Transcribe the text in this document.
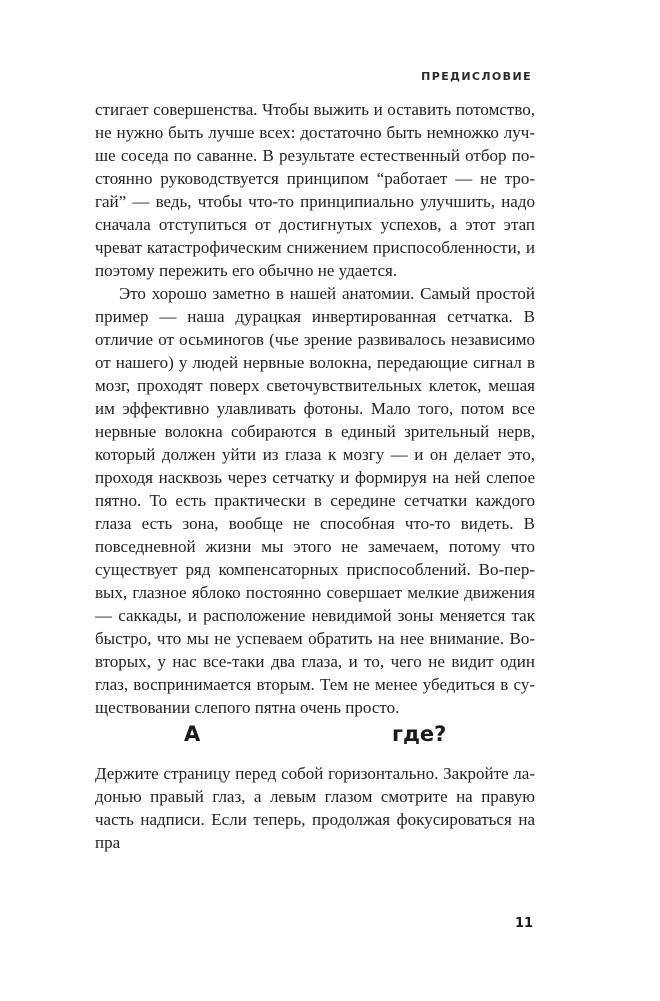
ПРЕДИСЛОВИЕ

стигает совершенства. Чтобы выжить и оставить потомство, не нужно быть лучше всех: достаточно быть немножко лучше соседа по саванне. В результате естественный отбор постоянно руководствуется принципом “работает — не трогай” — ведь, чтобы что-то принципиально улучшить, надо сначала отступиться от достигнутых успехов, а этот этап чреват катастрофическим снижением приспособленности, и поэтому пережить его обычно не удается.

Это хорошо заметно в нашей анатомии. Самый простой пример — наша дурацкая инвертированная сетчатка. В отличие от осьминогов (чье зрение развивалось независимо от нашего) у людей нервные волокна, передающие сигнал в мозг, проходят поверх светочувствительных клеток, мешая им эффективно улавливать фотоны. Мало того, потом все нервные волокна собираются в единый зрительный нерв, который должен уйти из глаза к мозгу — и он делает это, проходя насквозь через сетчатку и формируя на ней слепое пятно. То есть практически в середине сетчатки каждого глаза есть зона, вообще не способная что-то видеть. В повседневной жизни мы этого не замечаем, потому что существует ряд компенсаторных приспособлений. Во-первых, глазное яблоко постоянно совершает мелкие движения — саккады, и расположение невидимой зоны меняется так быстро, что мы не успеваем обратить на нее внимание. Во-вторых, у нас все-таки два глаза, и то, чего не видит один глаз, воспринимается вторым. Тем не менее убедиться в существовании слепого пятна очень просто.

А	где?

Держите страницу перед собой горизонтально. Закройте ладонью правый глаз, а левым глазом смотрите на правую часть надписи. Если теперь, продолжая фокусироваться на пра

11
